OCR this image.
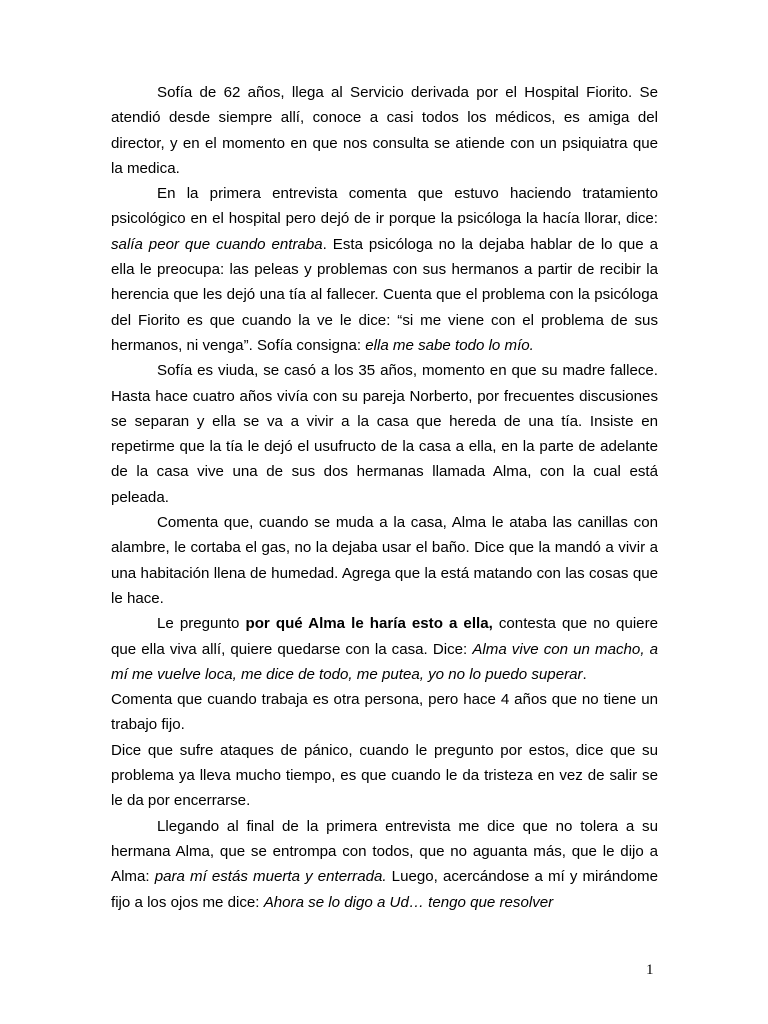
Sofía de 62 años, llega al Servicio derivada por el Hospital Fiorito. Se atendió desde siempre allí, conoce a casi todos los médicos, es amiga del director, y en el momento en que nos consulta se atiende con un psiquiatra que la medica.

En la primera entrevista comenta que estuvo haciendo tratamiento psicológico en el hospital pero dejó de ir porque la psicóloga la hacía llorar, dice: salía peor que cuando entraba. Esta psicóloga no la dejaba hablar de lo que a ella le preocupa: las peleas y problemas con sus hermanos a partir de recibir la herencia que les dejó una tía al fallecer. Cuenta que el problema con la psicóloga del Fiorito es que cuando la ve le dice: “si me viene con el problema de sus hermanos, ni venga”. Sofía consigna: ella me sabe todo lo mío.

Sofía es viuda, se casó a los 35 años, momento en que su madre fallece. Hasta hace cuatro años vivía con su pareja Norberto, por frecuentes discusiones se separan y ella se va a vivir a la casa que hereda de una tía. Insiste en repetirme que la tía le dejó el usufructo de la casa a ella, en la parte de adelante de la casa vive una de sus dos hermanas llamada Alma, con la cual está peleada.

Comenta que, cuando se muda a la casa, Alma le ataba las canillas con alambre, le cortaba el gas, no la dejaba usar el baño. Dice que la mandó a vivir a una habitación llena de humedad. Agrega que la está matando con las cosas que le hace.

Le pregunto por qué Alma le haría esto a ella, contesta que no quiere que ella viva allí, quiere quedarse con la casa. Dice: Alma vive con un macho, a mí me vuelve loca, me dice de todo, me putea, yo no lo puedo superar.

Comenta que cuando trabaja es otra persona, pero hace 4 años que no tiene un trabajo fijo.

Dice que sufre ataques de pánico, cuando le pregunto por estos, dice que su problema ya lleva mucho tiempo, es que cuando le da tristeza en vez de salir se le da por encerrarse.

Llegando al final de la primera entrevista me dice que no tolera a su hermana Alma, que se entrompa con todos, que no aguanta más, que le dijo a Alma: para mí estás muerta y enterrada. Luego, acercándose a mí y mirándome fijo a los ojos me dice: Ahora se lo digo a Ud… tengo que resolver

1
